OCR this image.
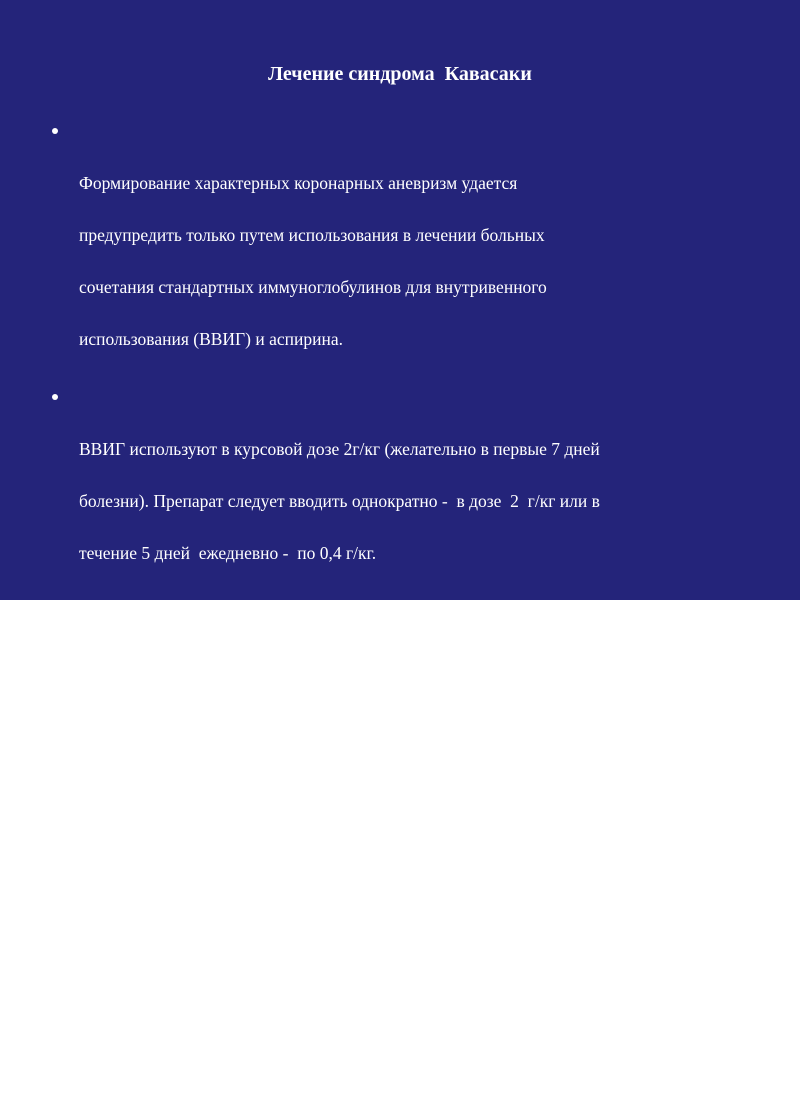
Лечение синдрома  Кавасаки

Формирование характерных коронарных аневризм удается

предупредить только путем использования в лечении больных

сочетания стандартных иммуноглобулинов для внутривенного

использования (ВВИГ) и аспирина.

ВВИГ используют в курсовой дозе 2г/кг (желательно в первые 7 дней

болезни). Препарат следует вводить однократно -  в дозе  2  г/кг или в

течение 5 дней  ежедневно -  по 0,4 г/кг.

Ацетилсалициловая кислота- в дозе 50 мг/кг до снижения

повышенной температуры тела, а далее 3-5 мг/кг на протяжении

длительного времени (до 1 года).

Хирургическое лечение

Коронарное шунтировантие, ангтпластика или  стентирование при

развитии стеноза коронарной астерии.
